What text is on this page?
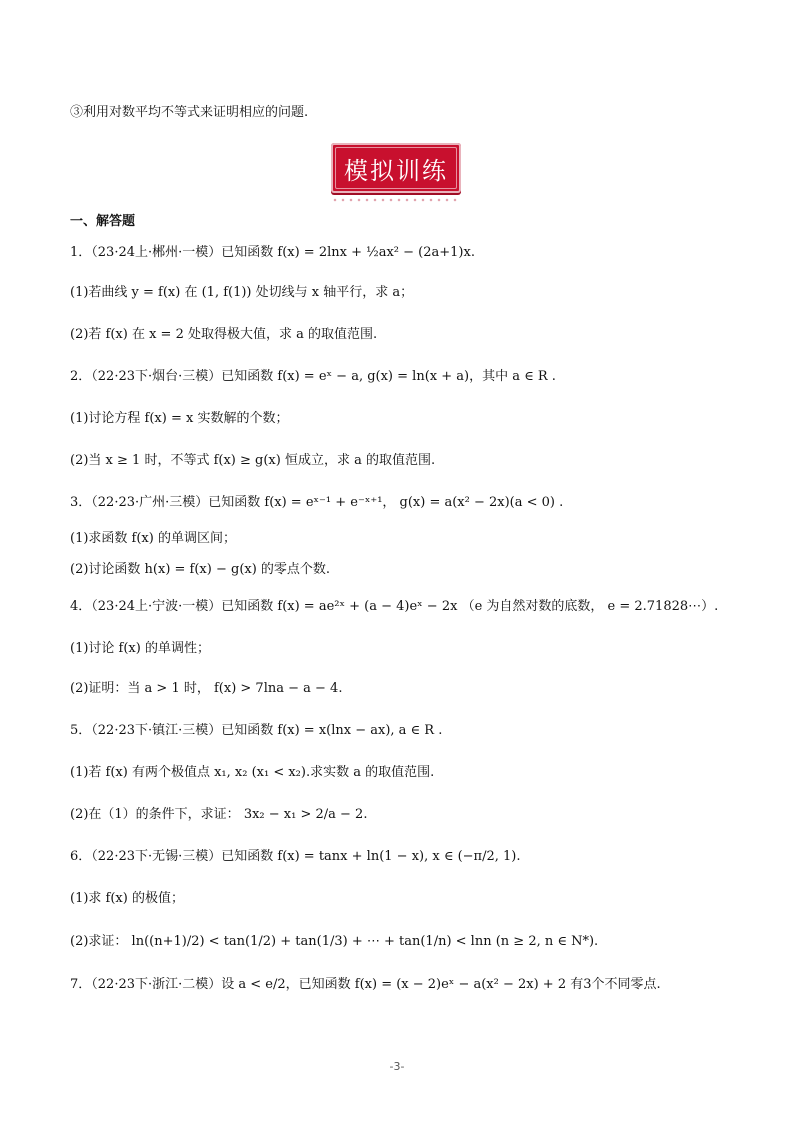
③利用对数平均不等式来证明相应的问题.
模拟训练
一、解答题
1．（23·24上·郴州·一模）已知函数 f(x) = 2lnx + ½ax² − (2a+1)x.
(1)若曲线 y = f(x) 在 (1, f(1)) 处切线与 x 轴平行，求 a；
(2)若 f(x) 在 x = 2 处取得极大值，求 a 的取值范围.
2．（22·23下·烟台·三模）已知函数 f(x) = eˣ − a, g(x) = ln(x + a)，其中 a ∈ R .
(1)讨论方程 f(x) = x 实数解的个数；
(2)当 x ≥ 1 时，不等式 f(x) ≥ g(x) 恒成立，求 a 的取值范围.
3．（22·23·广州·三模）已知函数 f(x) = eˣ⁻¹ + e⁻ˣ⁺¹， g(x) = a(x² − 2x)(a < 0) .
(1)求函数 f(x) 的单调区间；
(2)讨论函数 h(x) = f(x) − g(x) 的零点个数.
4．（23·24上·宁波·一模）已知函数 f(x) = ae²ˣ + (a − 4)eˣ − 2x （e 为自然对数的底数， e = 2.71828⋯）.
(1)讨论 f(x) 的单调性；
(2)证明：当 a > 1 时， f(x) > 7lna − a − 4.
5．（22·23下·镇江·三模）已知函数 f(x) = x(lnx − ax), a ∈ R .
(1)若 f(x) 有两个极值点 x₁, x₂ (x₁ < x₂).求实数 a 的取值范围.
(2)在（1）的条件下，求证： 3x₂ − x₁ > 2/a − 2.
6．（22·23下·无锡·三模）已知函数 f(x) = tanx + ln(1 − x), x ∈ (−π/2, 1).
(1)求 f(x) 的极值；
(2)求证： ln((n+1)/2) < tan(1/2) + tan(1/3) + ⋯ + tan(1/n) < lnn (n ≥ 2, n ∈ N*).
7．（22·23下·浙江·二模）设 a < e/2，已知函数 f(x) = (x − 2)eˣ − a(x² − 2x) + 2 有3个不同零点.
-3-
